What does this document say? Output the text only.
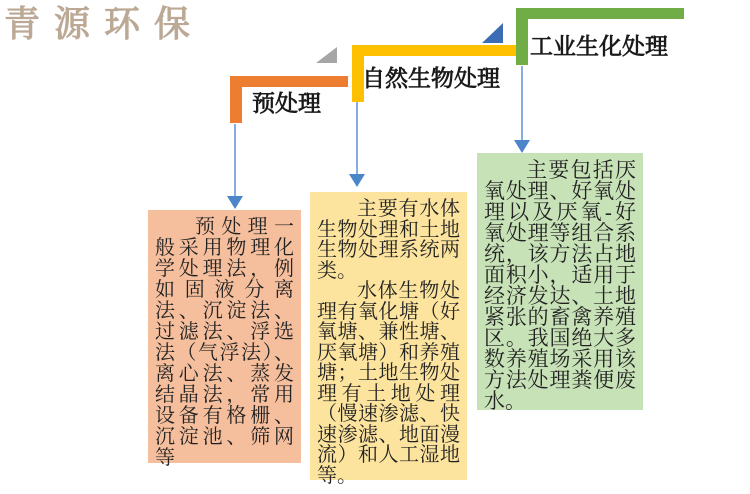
青源环保
预处理
自然生物处理
工业生化处理

预处理一般采用物理化学处理法，例如固液分离法、沉淀法、过滤法、浮选法（气浮法）、离心法、蒸发结晶法，常用设备有格栅、沉淀池、筛网等

主要有水体生物处理和土地生物处理系统两类。

水体生物处理有氧化塘（好氧塘、兼性塘、厌氧塘）和养殖塘；土地生物处理有土地处理（慢速渗滤、快速渗滤、地面漫流）和人工湿地等。

主要包括厌氧处理、好氧处理以及厌氧-好氧处理等组合系统，该方法占地面积小，适用于经济发达、土地紧张的畜禽养殖区。我国绝大多数养殖场采用该方法处理粪便废水。
